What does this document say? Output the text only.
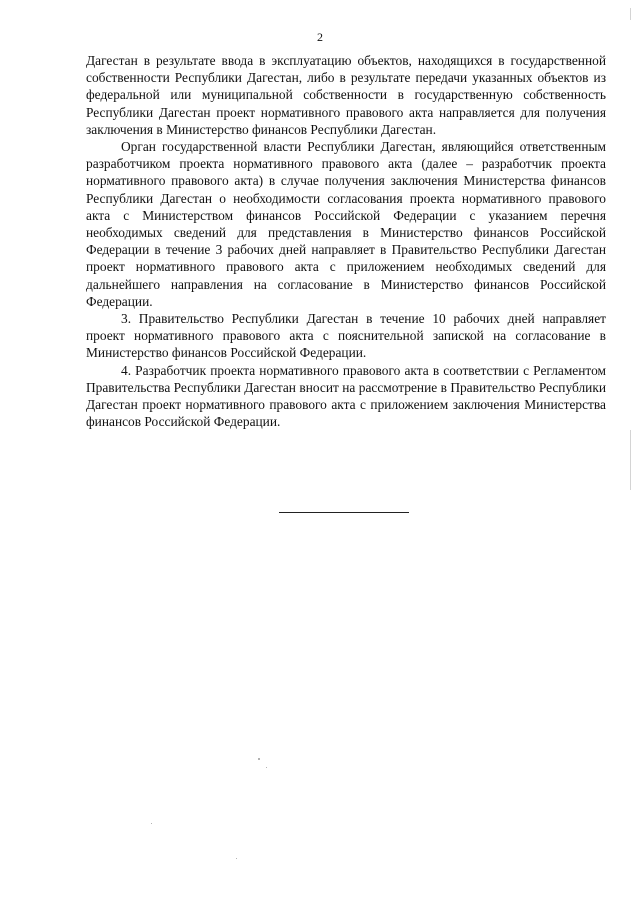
2

Дагестан в результате ввода в эксплуатацию объектов, находящихся в государственной собственности Республики Дагестан, либо в результате передачи указанных объектов из федеральной или муниципальной собственности в государственную собственность Республики Дагестан проект нормативного правового акта направляется для получения заключения в Министерство финансов Республики Дагестан.

Орган государственной власти Республики Дагестан, являющийся ответственным разработчиком проекта нормативного правового акта (далее – разработчик проекта нормативного правового акта) в случае получения заключения Министерства финансов Республики Дагестан о необходимости согласования проекта нормативного правового акта с Министерством финансов Российской Федерации с указанием перечня необходимых сведений для представления в Министерство финансов Российской Федерации в течение 3 рабочих дней направляет в Правительство Республики Дагестан проект нормативного правового акта с приложением необходимых сведений для дальнейшего направления на согласование в Министерство финансов Российской Федерации.

3. Правительство Республики Дагестан в течение 10 рабочих дней направляет проект нормативного правового акта с пояснительной запиской на согласование в Министерство финансов Российской Федерации.

4. Разработчик проекта нормативного правового акта в соответствии с Регламентом Правительства Республики Дагестан вносит на рассмотрение в Правительство Республики Дагестан проект нормативного правового акта с приложением заключения Министерства финансов Российской Федерации.
